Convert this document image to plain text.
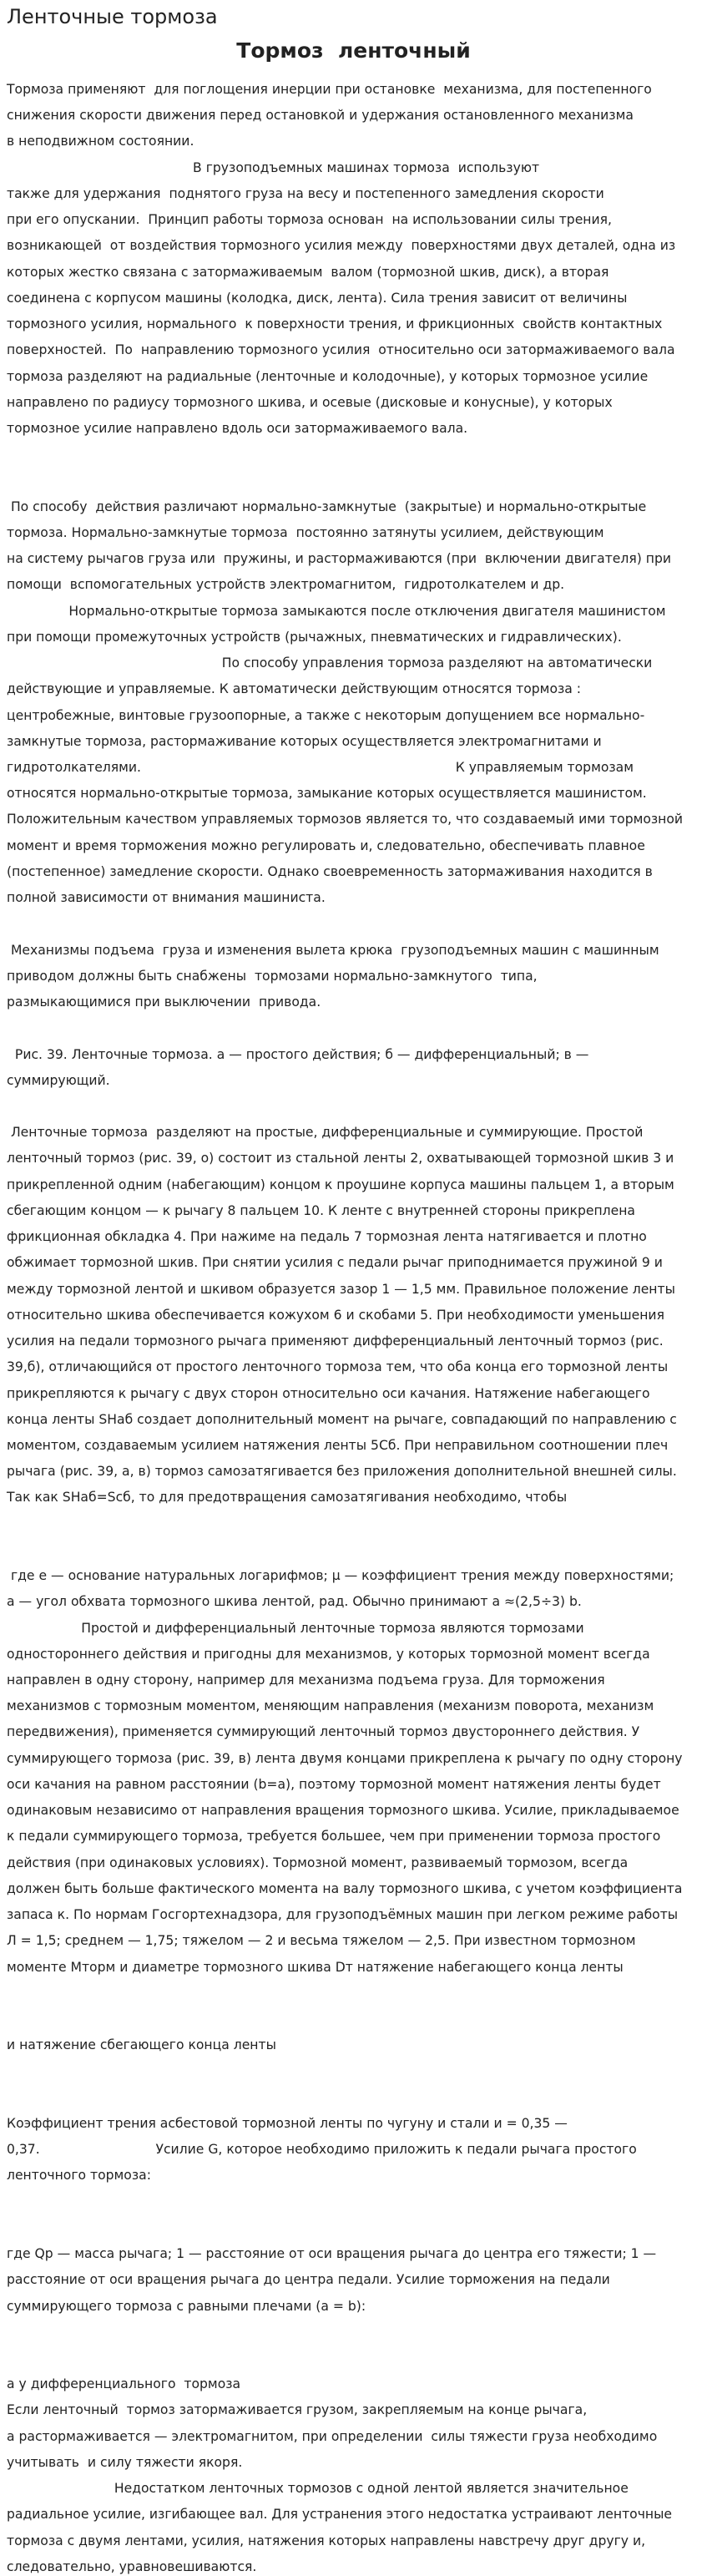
Ленточные тормоза
Тормоз  ленточный
Тормоза применяют  для поглощения инерции при остановке  механизма, для постепенного
снижения скорости движения перед остановкой и удержания остановленного механизма
в неподвижном состоянии.
В грузоподъемных машинах тормоза  используют
также для удержания  поднятого груза на весу и постепенного замедления скорости
при его опускании.  Принцип работы тормоза основан  на использовании силы трения,
возникающей  от воздействия тормозного усилия между  поверхностями двух деталей, одна из
которых жестко связана с затормаживаемым  валом (тормозной шкив, диск), а вторая
соединена с корпусом машины (колодка, диск, лента). Сила трения зависит от величины
тормозного усилия, нормального  к поверхности трения, и фрикционных  свойств контактных
поверхностей.  По  направлению тормозного усилия  относительно оси затормаживаемого вала
тормоза разделяют на радиальные (ленточные и колодочные), у которых тормозное усилие
направлено по радиусу тормозного шкива, и осевые (дисковые и конусные), у которых
тормозное усилие направлено вдоль оси затормаживаемого вала.
По способу  действия различают нормально-замкнутые  (закрытые) и нормально-открытые
тормоза. Нормально-замкнутые тормоза  постоянно затянуты усилием, действующим
на систему рычагов груза или  пружины, и растормаживаются (при  включении двигателя) при
помощи  вспомогательных устройств электромагнитом,  гидротолкателем и др.
Нормально-открытые тормоза замыкаются после отключения двигателя машинистом
при помощи промежуточных устройств (рычажных, пневматических и гидравлических).
По способу управления тормоза разделяют на автоматически
действующие и управляемые. К автоматически действующим относятся тормоза :
центробежные, винтовые грузоопорные, а также с некоторым допущением все нормально-
замкнутые тормоза, растормаживание которых осуществляется электромагнитами и
гидротолкателями.                                                                            К управляемым тормозам
относятся нормально-открытые тормоза, замыкание которых осуществляется машинистом.
Положительным качеством управляемых тормозов является то, что создаваемый ими тормозной
момент и время торможения можно регулировать и, следовательно, обеспечивать плавное
(постепенное) замедление скорости. Однако своевременность затормаживания находится в
полной зависимости от внимания машиниста.
Механизмы подъема  груза и изменения вылета крюка  грузоподъемных машин с машинным
приводом должны быть снабжены  тормозами нормально-замкнутого  типа,
размыкающимися при выключении  привода.
Рис. 39. Ленточные тормоза. а — простого действия; б — дифференциальный; в —
суммирующий.
Ленточные тормоза  разделяют на простые, дифференциальные и суммирующие. Простой
ленточный тормоз (рис. 39, о) состоит из стальной ленты 2, охватывающей тормозной шкив 3 и
прикрепленной одним (набегающим) концом к проушине корпуса машины пальцем 1, а вторым
сбегающим концом — к рычагу 8 пальцем 10. К ленте с внутренней стороны прикреплена
фрикционная обкладка 4. При нажиме на педаль 7 тормозная лента натягивается и плотно
обжимает тормозной шкив. При снятии усилия с педали рычаг приподнимается пружиной 9 и
между тормозной лентой и шкивом образуется зазор 1 — 1,5 мм. Правильное положение ленты
относительно шкива обеспечивается кожухом 6 и скобами 5. При необходимости уменьшения
усилия на педали тормозного рычага применяют дифференциальный ленточный тормоз (рис.
39,б), отличающийся от простого ленточного тормоза тем, что оба конца его тормозной ленты
прикрепляются к рычагу с двух сторон относительно оси качания. Натяжение набегающего
конца ленты SНаб создает дополнительный момент на рычаге, совпадающий по направлению с
моментом, создаваемым усилием натяжения ленты 5Сб. При неправильном соотношении плеч
рычага (рис. 39, а, в) тормоз самозатягивается без приложения дополнительной внешней силы.
Так как SНаб=Sсб, то для предотвращения самозатягивания необходимо, чтобы
где е — основание натуральных логарифмов; μ — коэффициент трения между поверхностями;
а — угол обхвата тормозного шкива лентой, рад. Обычно принимают а ≈(2,5÷3) b.
Простой и дифференциальный ленточные тормоза являются тормозами
одностороннего действия и пригодны для механизмов, у которых тормозной момент всегда
направлен в одну сторону, например для механизма подъема груза. Для торможения
механизмов с тормозным моментом, меняющим направления (механизм поворота, механизм
передвижения), применяется суммирующий ленточный тормоз двустороннего действия. У
суммирующего тормоза (рис. 39, в) лента двумя концами прикреплена к рычагу по одну сторону
оси качания на равном расстоянии (b=a), поэтому тормозной момент натяжения ленты будет
одинаковым независимо от направления вращения тормозного шкива. Усилие, прикладываемое
к педали суммирующего тормоза, требуется большее, чем при применении тормоза простого
действия (при одинаковых условиях). Тормозной момент, развиваемый тормозом, всегда
должен быть больше фактического момента на валу тормозного шкива, с учетом коэффициента
запаса к. По нормам Госгортехнадзора, для грузоподъёмных машин при легком режиме работы
Л = 1,5; среднем — 1,75; тяжелом — 2 и весьма тяжелом — 2,5. При известном тормозном
моменте Мторм и диаметре тормозного шкива Dт натяжение набегающего конца ленты
и натяжение сбегающего конца ленты
Коэффициент трения асбестовой тормозной ленты по чугуну и стали и = 0,35 —
0,37.                            Усилие G, которое необходимо приложить к педали рычага простого
ленточного тормоза:
где Qp — масса рычага; 1 — расстояние от оси вращения рычага до центра его тяжести; 1 —
расстояние от оси вращения рычага до центра педали. Усилие торможения на педали
суммирующего тормоза с равными плечами (а = b):
а у дифференциального  тормоза
Если ленточный  тормоз затормаживается грузом, закрепляемым на конце рычага,
а растормаживается — электромагнитом, при определении  силы тяжести груза необходимо
учитывать  и силу тяжести якоря.
Недостатком ленточных тормозов с одной лентой является значительное
радиальное усилие, изгибающее вал. Для устранения этого недостатка устраивают ленточные
тормоза с двумя лентами, усилия, натяжения которых направлены навстречу друг другу и,
следовательно, уравновешиваются.
